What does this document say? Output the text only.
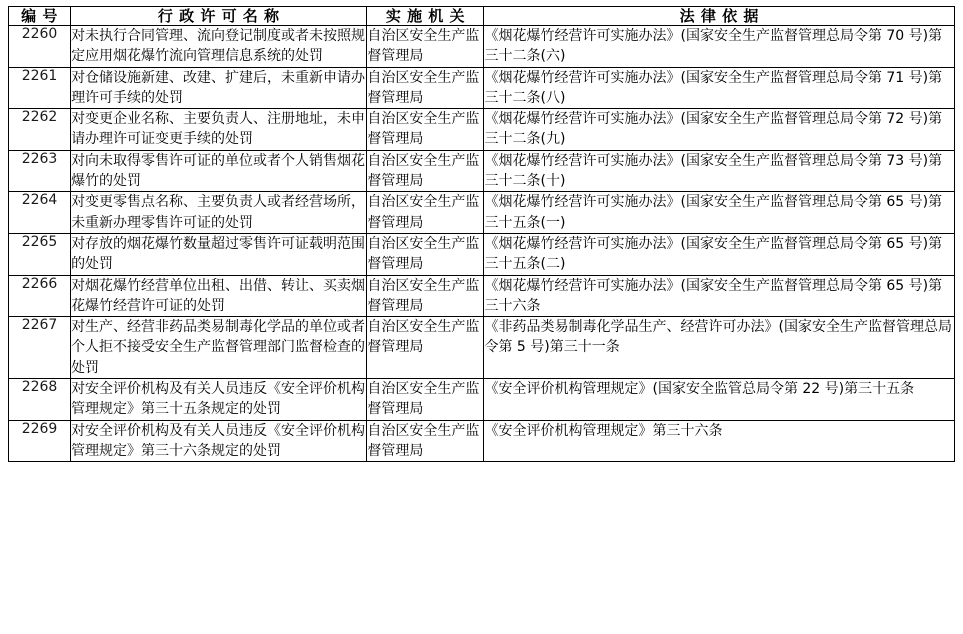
编 号	行 政 许 可 名 称	实 施 机 关	法 律 依 据
2260	对未执行合同管理、流向登记制度或者未按照规定应用烟花爆竹流向管理信息系统的处罚	自治区安全生产监督管理局	《烟花爆竹经营许可实施办法》(国家安全生产监督管理总局令第 70 号)第三十二条(六)
2261	对仓储设施新建、改建、扩建后，未重新申请办理许可手续的处罚	自治区安全生产监督管理局	《烟花爆竹经营许可实施办法》(国家安全生产监督管理总局令第 71 号)第三十二条(八)
2262	对变更企业名称、主要负责人、注册地址，未申请办理许可证变更手续的处罚	自治区安全生产监督管理局	《烟花爆竹经营许可实施办法》(国家安全生产监督管理总局令第 72 号)第三十二条(九)
2263	对向未取得零售许可证的单位或者个人销售烟花爆竹的处罚	自治区安全生产监督管理局	《烟花爆竹经营许可实施办法》(国家安全生产监督管理总局令第 73 号)第三十二条(十)
2264	对变更零售点名称、主要负责人或者经营场所，未重新办理零售许可证的处罚	自治区安全生产监督管理局	《烟花爆竹经营许可实施办法》(国家安全生产监督管理总局令第 65 号)第三十五条(一)
2265	对存放的烟花爆竹数量超过零售许可证载明范围的处罚	自治区安全生产监督管理局	《烟花爆竹经营许可实施办法》(国家安全生产监督管理总局令第 65 号)第三十五条(二)
2266	对烟花爆竹经营单位出租、出借、转让、买卖烟花爆竹经营许可证的处罚	自治区安全生产监督管理局	《烟花爆竹经营许可实施办法》(国家安全生产监督管理总局令第 65 号)第三十六条
2267	对生产、经营非药品类易制毒化学品的单位或者个人拒不接受安全生产监督管理部门监督检查的处罚	自治区安全生产监督管理局	《非药品类易制毒化学品生产、经营许可办法》(国家安全生产监督管理总局令第 5 号)第三十一条
2268	对安全评价机构及有关人员违反《安全评价机构管理规定》第三十五条规定的处罚	自治区安全生产监督管理局	《安全评价机构管理规定》(国家安全监管总局令第 22 号)第三十五条
2269	对安全评价机构及有关人员违反《安全评价机构管理规定》第三十六条规定的处罚	自治区安全生产监督管理局	《安全评价机构管理规定》第三十六条
